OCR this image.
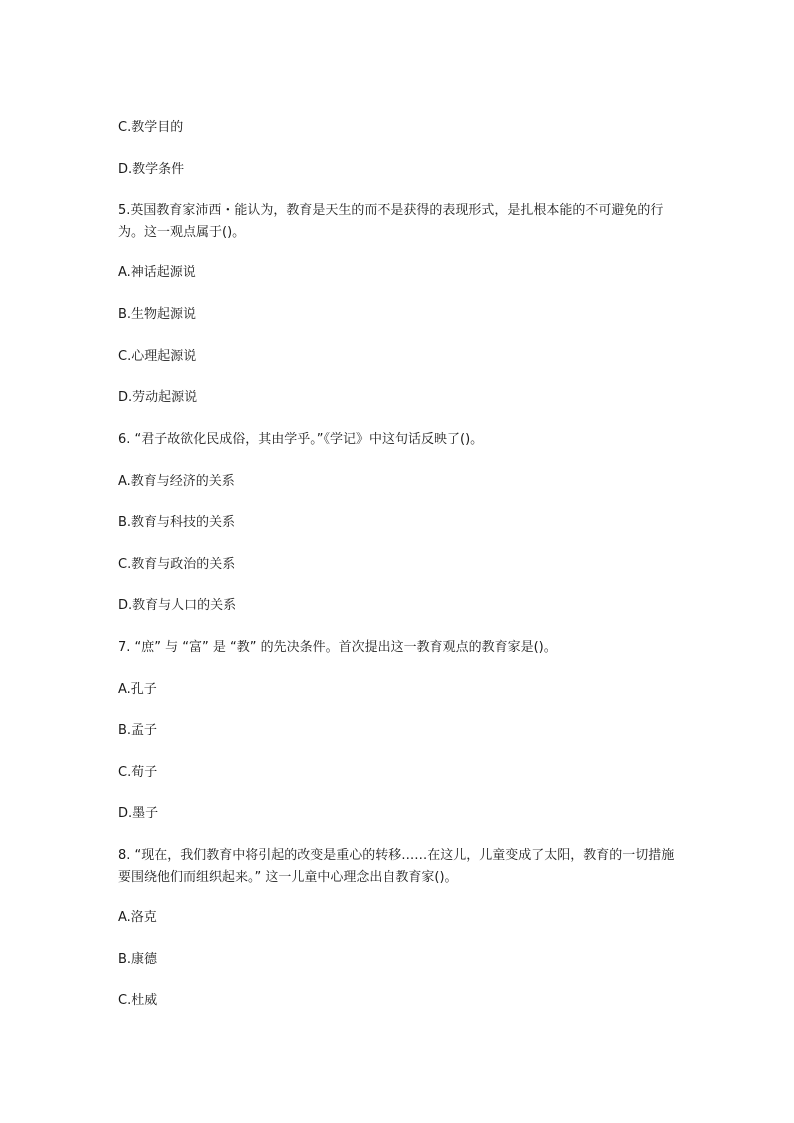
C.教学目的
D.教学条件
5.英国教育家沛西・能认为，教育是天生的而不是获得的表现形式，是扎根本能的不可避免的行为。这一观点属于()。
A.神话起源说
B.生物起源说
C.心理起源说
D.劳动起源说
6. “君子故欲化民成俗，其由学乎。”《学记》中这句话反映了()。
A.教育与经济的关系
B.教育与科技的关系
C.教育与政治的关系
D.教育与人口的关系
7. “庶” 与 “富” 是 “教” 的先决条件。首次提出这一教育观点的教育家是()。
A.孔子
B.孟子
C.荀子
D.墨子
8. “现在，我们教育中将引起的改变是重心的转移……在这儿，儿童变成了太阳，教育的一切措施要围绕他们而组织起来。” 这一儿童中心理念出自教育家()。
A.洛克
B.康德
C.杜威
